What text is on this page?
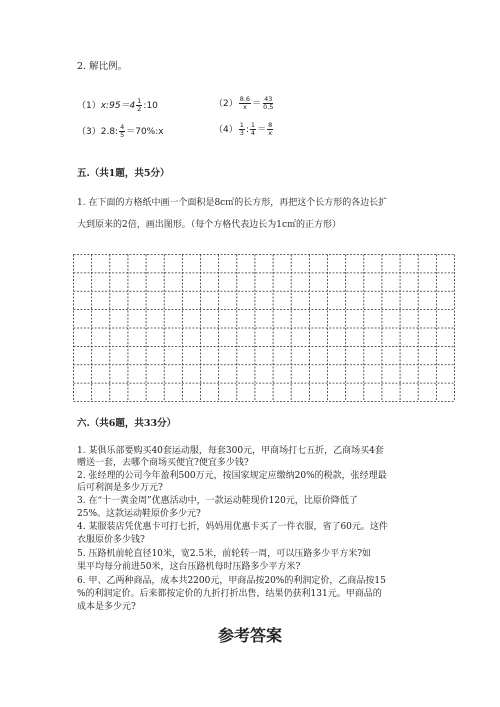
2. 解比例。
（1）x:95＝4 $\frac{1}{2}$ :10	$(2) \frac{8.6}{x} = \frac{43}{0.5}$
（3）2.8: $\frac{4}{5}$ ＝70%:x	$(4) \frac{1}{3}$ : $\frac{1}{4} = \frac{8}{x}$
五.（共1题，共5分）
1. 在下面的方格纸中画一个面积是8c㎡的长方形，再把这个长方形的各边长扩
大到原来的2倍，画出图形。（每个方格代表边长为1c㎡的正方形）
六.（共6题，共33分）
1. 某俱乐部要购买40套运动服，每套300元，甲商场打七五折，乙商场买4套
赠送一套，去哪个商场买便宜?便宜多少钱?
2. 张经理的公司今年盈利500万元，按国家规定应缴纳20%的税款，张经理最
后可利润是多少万元?
3. 在“十一黄金周”优惠活动中，一款运动鞋现价120元，比原价降低了
25%。这款运动鞋原价多少元?
4. 某服装店凭优惠卡可打七折，妈妈用优惠卡买了一件衣服，省了60元。这件
衣服原价多少钱?
5. 压路机前轮直径10米，宽2.5米，前轮转一周，可以压路多少平方米?如
果平均每分前进50米，这台压路机每时压路多少平方米?
6. 甲、乙两种商品，成本共2200元，甲商品按20%的利润定价，乙商品按15
%的利润定价。后来都按定价的九折打折出售，结果仍获利131元。甲商品的
成本是多少元?
参考答案
